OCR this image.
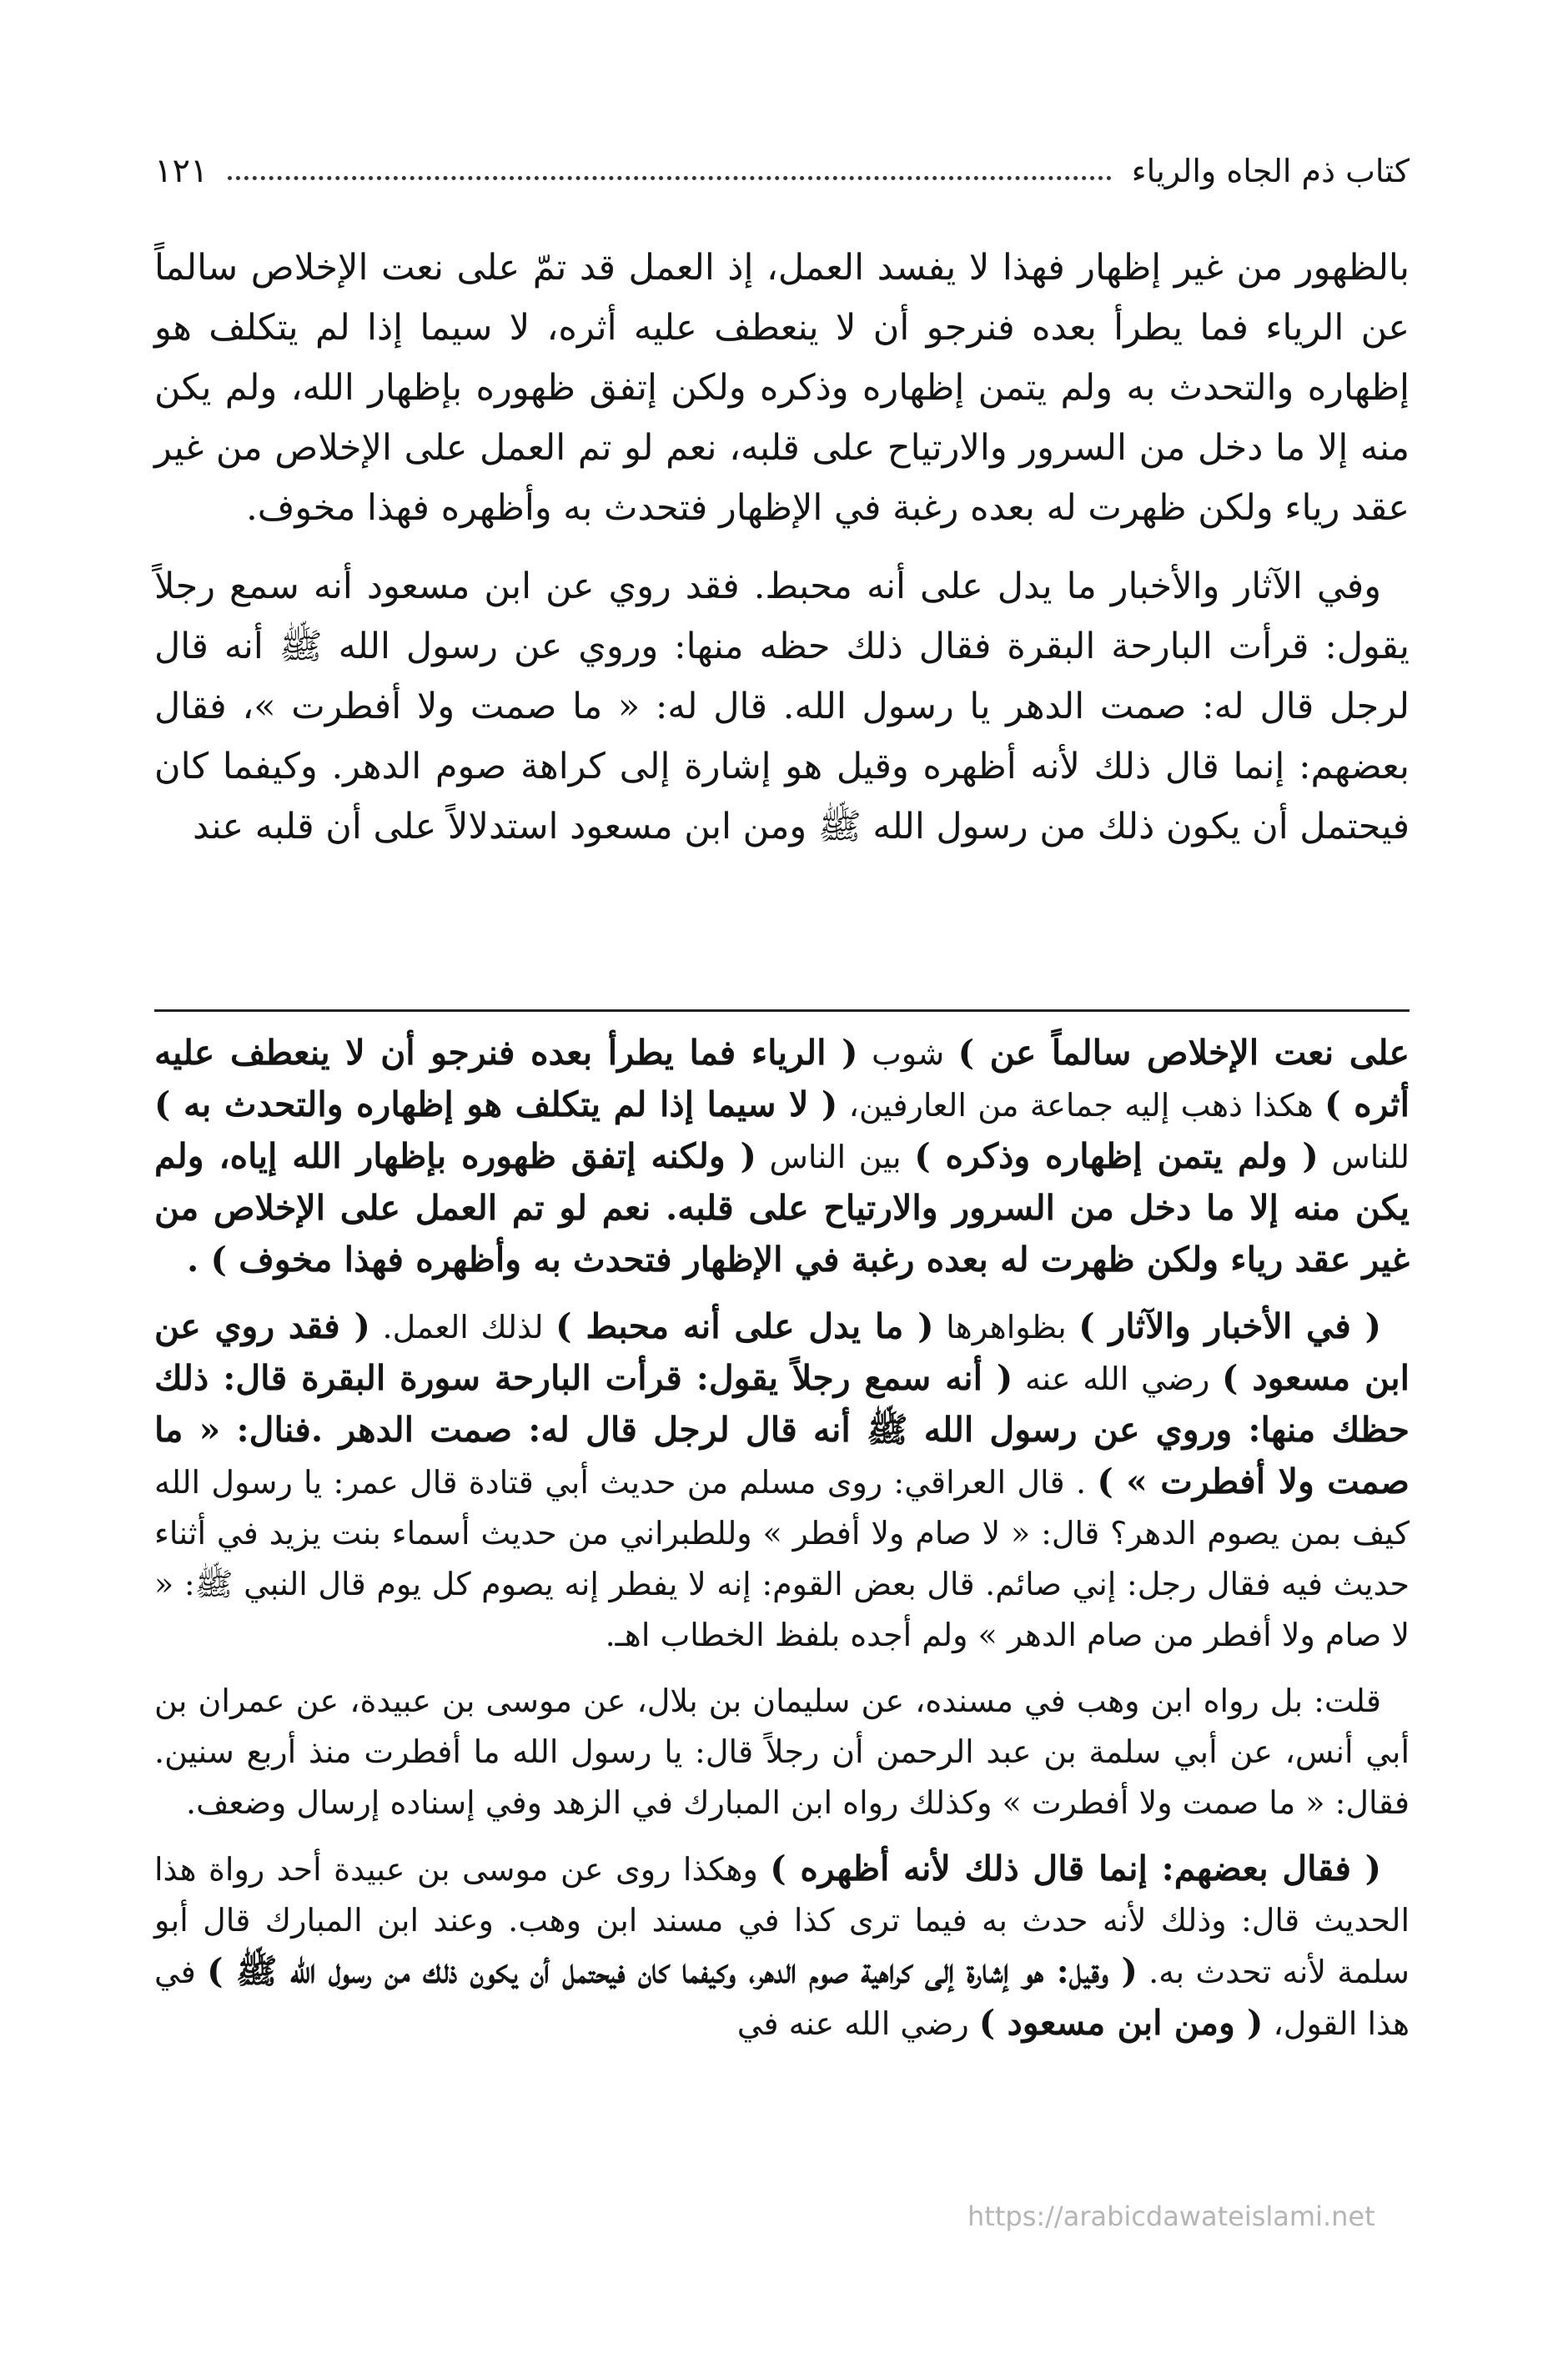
كتاب ذم الجاه والرياء
١٢١

بالظهور من غير إظهار فهذا لا يفسد العمل، إذ العمل قد تمّ على نعت الإخلاص سالماً عن الرياء فما يطرأ بعده فنرجو أن لا ينعطف عليه أثره، لا سيما إذا لم يتكلف هو إظهاره والتحدث به ولم يتمن إظهاره وذكره ولكن إتفق ظهوره بإظهار الله، ولم يكن منه إلا ما دخل من السرور والارتياح على قلبه، نعم لو تم العمل على الإخلاص من غير عقد رياء ولكن ظهرت له بعده رغبة في الإظهار فتحدث به وأظهره فهذا مخوف.

وفي الآثار والأخبار ما يدل على أنه محبط. فقد روي عن ابن مسعود أنه سمع رجلاً يقول: قرأت البارحة البقرة فقال ذلك حظه منها: وروي عن رسول الله ﷺ أنه قال لرجل قال له: صمت الدهر يا رسول الله. قال له: « ما صمت ولا أفطرت »، فقال بعضهم: إنما قال ذلك لأنه أظهره وقيل هو إشارة إلى كراهة صوم الدهر. وكيفما كان فيحتمل أن يكون ذلك من رسول الله ﷺ ومن ابن مسعود استدلالاً على أن قلبه عند

على نعت الإخلاص سالماً عن ) شوب ( الرياء فما يطرأ بعده فنرجو أن لا ينعطف عليه أثره ) هكذا ذهب إليه جماعة من العارفين، ( لا سيما إذا لم يتكلف هو إظهاره والتحدث به ) للناس ( ولم يتمن إظهاره وذكره ) بين الناس ( ولكنه إتفق ظهوره بإظهار الله إياه، ولم يكن منه إلا ما دخل من السرور والارتياح على قلبه. نعم لو تم العمل على الإخلاص من غير عقد رياء ولكن ظهرت له بعده رغبة في الإظهار فتحدث به وأظهره فهذا مخوف ) .

( في الأخبار والآثار ) بظواهرها ( ما يدل على أنه محبط ) لذلك العمل. ( فقد روي عن ابن مسعود ) رضي الله عنه ( أنه سمع رجلاً يقول: قرأت البارحة سورة البقرة قال: ذلك حظك منها: وروي عن رسول الله ﷺ أنه قال لرجل قال له: صمت الدهر .فنال: « ما صمت ولا أفطرت » ) . قال العراقي: روى مسلم من حديث أبي قتادة قال عمر: يا رسول الله كيف بمن يصوم الدهر؟ قال: « لا صام ولا أفطر » وللطبراني من حديث أسماء بنت يزيد في أثناء حديث فيه فقال رجل: إني صائم. قال بعض القوم: إنه لا يفطر إنه يصوم كل يوم قال النبي ﷺ: « لا صام ولا أفطر من صام الدهر » ولم أجده بلفظ الخطاب اهـ.

قلت: بل رواه ابن وهب في مسنده، عن سليمان بن بلال، عن موسى بن عبيدة، عن عمران بن أبي أنس، عن أبي سلمة بن عبد الرحمن أن رجلاً قال: يا رسول الله ما أفطرت منذ أربع سنين. فقال: « ما صمت ولا أفطرت » وكذلك رواه ابن المبارك في الزهد وفي إسناده إرسال وضعف.

( فقال بعضهم: إنما قال ذلك لأنه أظهره ) وهكذا روى عن موسى بن عبيدة أحد رواة هذا الحديث قال: وذلك لأنه حدث به فيما ترى كذا في مسند ابن وهب. وعند ابن المبارك قال أبو سلمة لأنه تحدث به. ( وقيل: هو إشارة إلى كراهية صوم الدهر، وكيفما كان فيحتمل أن يكون ذلك من رسول الله ﷺ ) في هذا القول، ( ومن ابن مسعود ) رضي الله عنه في

https://arabicdawateislami.net
